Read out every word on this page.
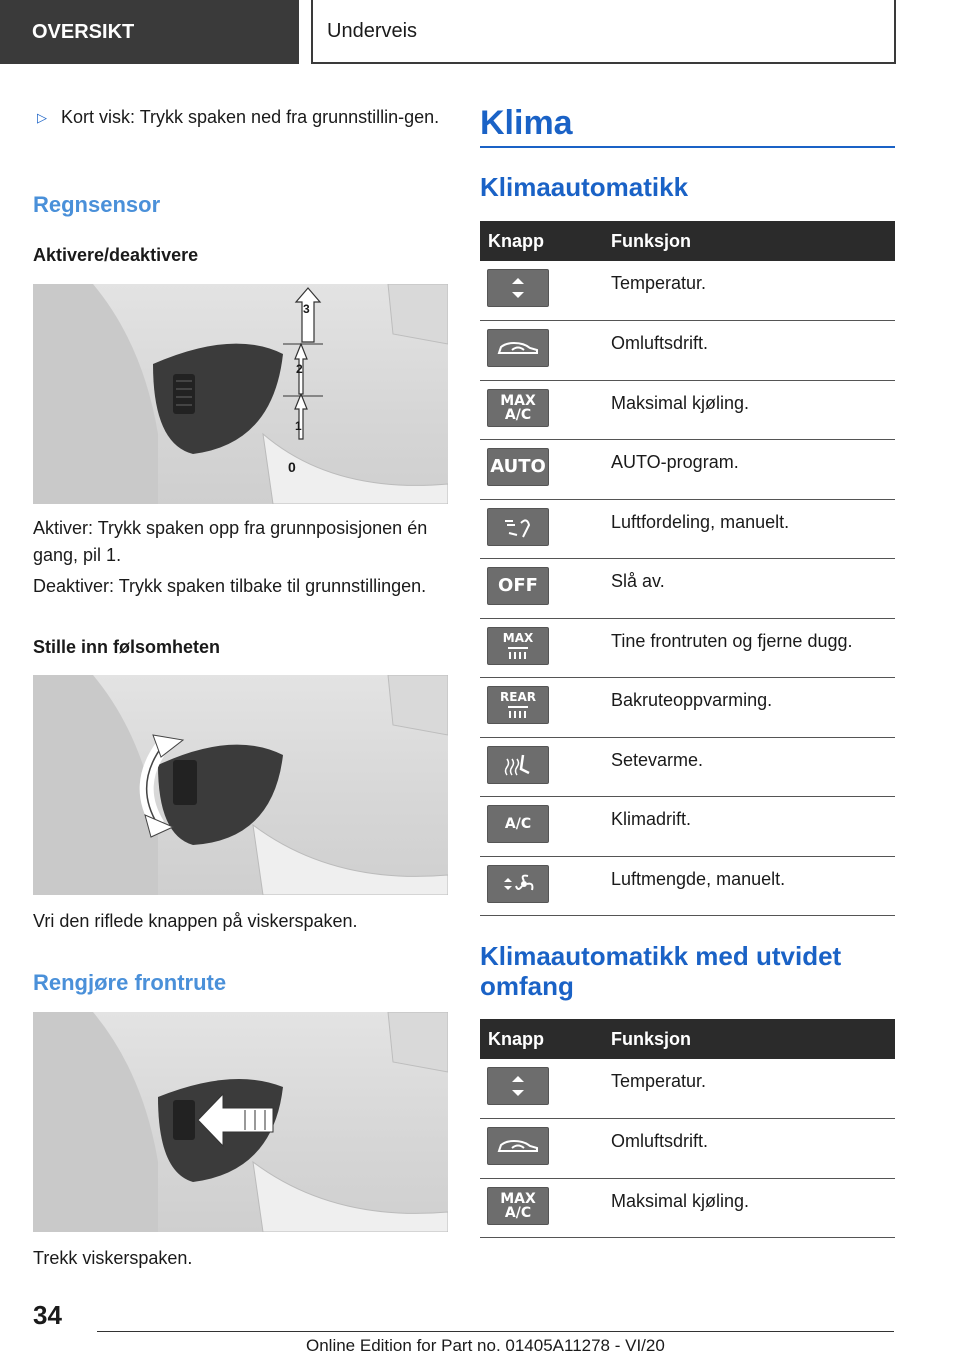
OVERSIKT	Underveis
▷ Kort visk: Trykk spaken ned fra grunnstillin‐gen.
Regnsensor
Aktivere/deaktivere
3
2
1
0
Aktiver: Trykk spaken opp fra grunnposisjonen én gang, pil 1.
Deaktiver: Trykk spaken tilbake til grunnstillingen.
Stille inn følsomheten
Vri den riflede knappen på viskerspaken.
Rengjøre frontrute
Trekk viskerspaken.
Klima
Klimaautomatikk
Knapp	Funksjon

	Temperatur.

	Omluftsdrift.

MAX
A/C	Maksimal kjøling.

AUTO	AUTO-program.

	Luftfordeling, manuelt.

OFF	Slå av.

MAX	Tine frontruten og fjerne dugg.

REAR	Bakruteoppvarming.

	Setevarme.

A/C	Klimadrift.

	Luftmengde, manuelt.
Klimaautomatikk med utvidet omfang
Knapp	Funksjon

	Temperatur.

	Omluftsdrift.

MAX
A/C	Maksimal kjøling.
34
Online Edition for Part no. 01405A11278 - VI/20
